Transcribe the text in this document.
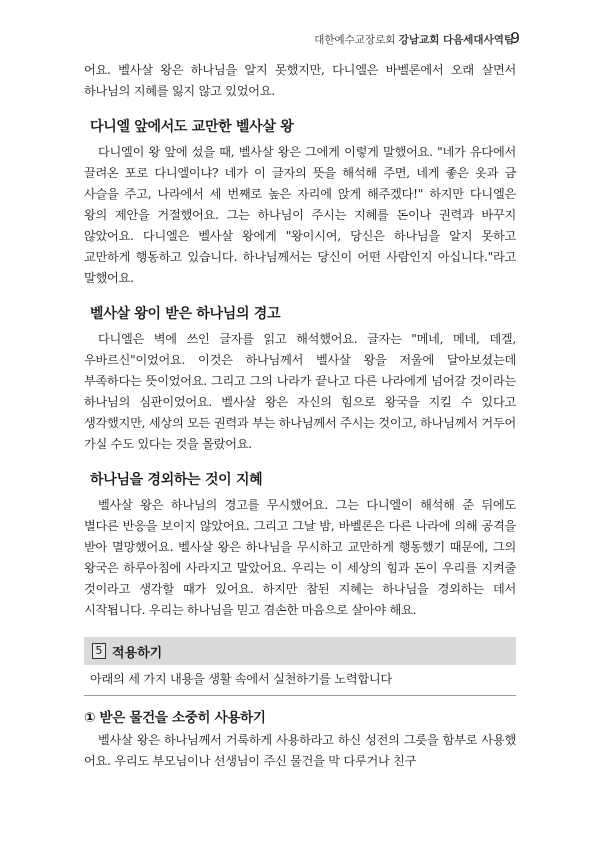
대한예수교장로회 강남교회 다음세대사역팀
9

어요. 벨사살 왕은 하나님을 알지 못했지만, 다니엘은 바벨론에서 오래 살면서 하나님의 지혜를 잃지 않고 있었어요.

다니엘 앞에서도 교만한 벨사살 왕

다니엘이 왕 앞에 섰을 때, 벨사살 왕은 그에게 이렇게 말했어요. "네가 유다에서 끌려온 포로 다니엘이냐? 네가 이 글자의 뜻을 해석해 주면, 네게 좋은 옷과 금 사슬을 주고, 나라에서 세 번째로 높은 자리에 앉게 해주겠다!" 하지만 다니엘은 왕의 제안을 거절했어요. 그는 하나님이 주시는 지혜를 돈이나 권력과 바꾸지 않았어요. 다니엘은 벨사살 왕에게 "왕이시여, 당신은 하나님을 알지 못하고 교만하게 행동하고 있습니다. 하나님께서는 당신이 어떤 사람인지 아십니다."라고 말했어요.

벨사살 왕이 받은 하나님의 경고

다니엘은 벽에 쓰인 글자를 읽고 해석했어요. 글자는 "메네, 메네, 데겔, 우바르신"이었어요. 이것은 하나님께서 벨사살 왕을 저울에 달아보셨는데 부족하다는 뜻이었어요. 그리고 그의 나라가 끝나고 다른 나라에게 넘어갈 것이라는 하나님의 심판이었어요. 벨사살 왕은 자신의 힘으로 왕국을 지킬 수 있다고 생각했지만, 세상의 모든 권력과 부는 하나님께서 주시는 것이고, 하나님께서 거두어 가실 수도 있다는 것을 몰랐어요.

하나님을 경외하는 것이 지혜

벨사살 왕은 하나님의 경고를 무시했어요. 그는 다니엘이 해석해 준 뒤에도 별다른 반응을 보이지 않았어요. 그리고 그날 밤, 바벨론은 다른 나라에 의해 공격을 받아 멸망했어요. 벨사살 왕은 하나님을 무시하고 교만하게 행동했기 때문에, 그의 왕국은 하루아침에 사라지고 말았어요. 우리는 이 세상의 힘과 돈이 우리를 지켜줄 것이라고 생각할 때가 있어요. 하지만 참된 지혜는 하나님을 경외하는 데서 시작됩니다. 우리는 하나님을 믿고 겸손한 마음으로 살아야 해요.

5 적용하기
아래의 세 가지 내용을 생활 속에서 실천하기를 노력합니다
① 받은 물건을 소중히 사용하기

벨사살 왕은 하나님께서 거룩하게 사용하라고 하신 성전의 그릇을 함부로 사용했어요. 우리도 부모님이나 선생님이 주신 물건을 막 다루거나 친구
